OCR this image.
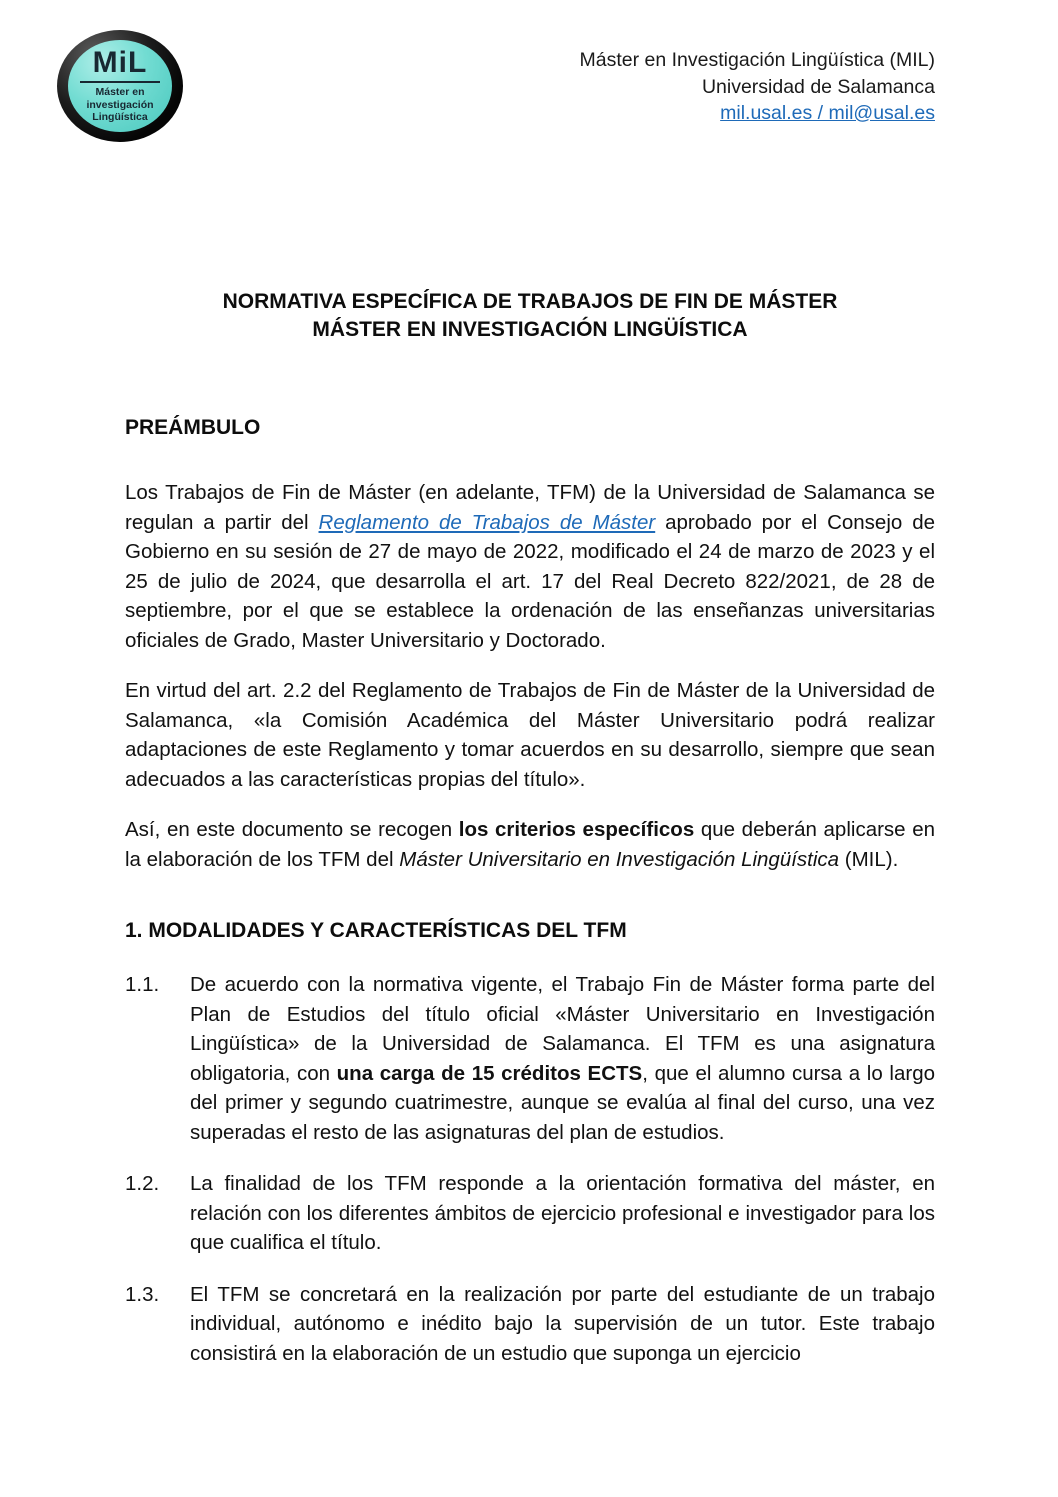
MiL
Máster en
investigación
Lingüística
Máster en Investigación Lingüística (MIL)
Universidad de Salamanca
mil.usal.es / mil@usal.es
NORMATIVA ESPECÍFICA DE TRABAJOS DE FIN DE MÁSTER
MÁSTER EN INVESTIGACIÓN LINGÜÍSTICA
PREÁMBULO

Los Trabajos de Fin de Máster (en adelante, TFM) de la Universidad de Salamanca se regulan a partir del Reglamento de Trabajos de Máster aprobado por el Consejo de Gobierno en su sesión de 27 de mayo de 2022, modificado el 24 de marzo de 2023 y el 25 de julio de 2024, que desarrolla el art. 17 del Real Decreto 822/2021, de 28 de septiembre, por el que se establece la ordenación de las enseñanzas universitarias oficiales de Grado, Master Universitario y Doctorado.

En virtud del art. 2.2 del Reglamento de Trabajos de Fin de Máster de la Universidad de Salamanca, «la Comisión Académica del Máster Universitario podrá realizar adaptaciones de este Reglamento y tomar acuerdos en su desarrollo, siempre que sean adecuados a las características propias del título».

Así, en este documento se recogen los criterios específicos que deberán aplicarse en la elaboración de los TFM del Máster Universitario en Investigación Lingüística (MIL).

1. MODALIDADES Y CARACTERÍSTICAS DEL TFM
1.1.	De acuerdo con la normativa vigente, el Trabajo Fin de Máster forma parte del Plan de Estudios del título oficial «Máster Universitario en Investigación Lingüística» de la Universidad de Salamanca. El TFM es una asignatura obligatoria, con una carga de 15 créditos ECTS, que el alumno cursa a lo largo del primer y segundo cuatrimestre, aunque se evalúa al final del curso, una vez superadas el resto de las asignaturas del plan de estudios.
1.2.	La finalidad de los TFM responde a la orientación formativa del máster, en relación con los diferentes ámbitos de ejercicio profesional e investigador para los que cualifica el título.
1.3.	El TFM se concretará en la realización por parte del estudiante de un trabajo individual, autónomo e inédito bajo la supervisión de un tutor. Este trabajo consistirá en la elaboración de un estudio que suponga un ejercicio
